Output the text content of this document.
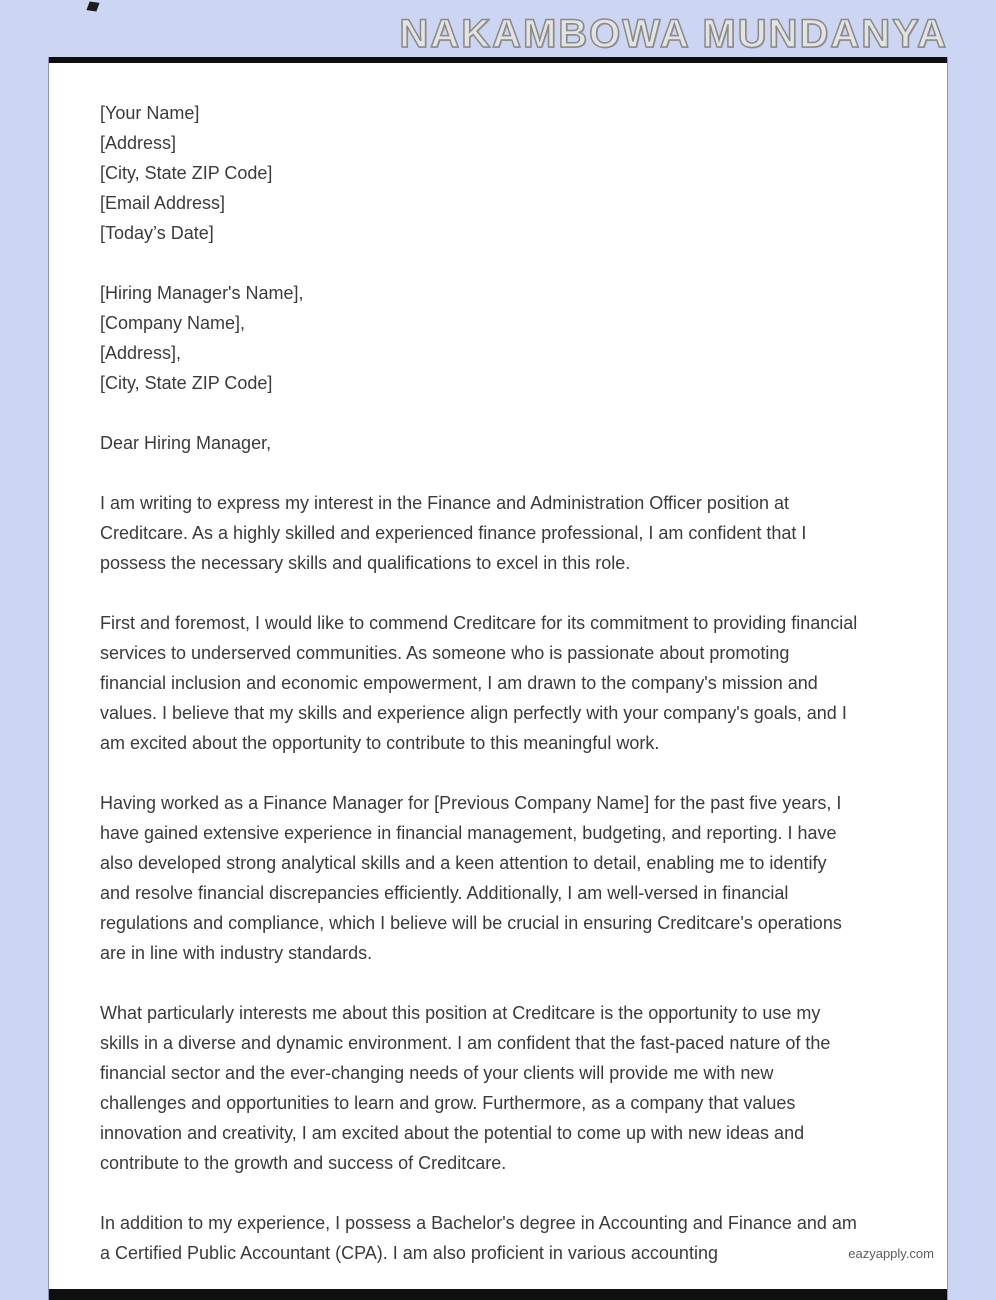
NAKAMBOWA MUNDANYA

[Your Name]

[Address]

[City, State ZIP Code]

[Email Address]

[Today’s Date]

[Hiring Manager's Name],

[Company Name],

[Address],

[City, State ZIP Code]

Dear Hiring Manager,

I am writing to express my interest in the Finance and Administration Officer position at Creditcare. As a highly skilled and experienced finance professional, I am confident that I possess the necessary skills and qualifications to excel in this role.

First and foremost, I would like to commend Creditcare for its commitment to providing financial services to underserved communities. As someone who is passionate about promoting financial inclusion and economic empowerment, I am drawn to the company's mission and values. I believe that my skills and experience align perfectly with your company's goals, and I am excited about the opportunity to contribute to this meaningful work.

Having worked as a Finance Manager for [Previous Company Name] for the past five years, I have gained extensive experience in financial management, budgeting, and reporting. I have also developed strong analytical skills and a keen attention to detail, enabling me to identify and resolve financial discrepancies efficiently. Additionally, I am well-versed in financial regulations and compliance, which I believe will be crucial in ensuring Creditcare's operations are in line with industry standards.

What particularly interests me about this position at Creditcare is the opportunity to use my skills in a diverse and dynamic environment. I am confident that the fast-paced nature of the financial sector and the ever-changing needs of your clients will provide me with new challenges and opportunities to learn and grow. Furthermore, as a company that values innovation and creativity, I am excited about the potential to come up with new ideas and contribute to the growth and success of Creditcare.

In addition to my experience, I possess a Bachelor's degree in Accounting and Finance and am a Certified Public Accountant (CPA). I am also proficient in various accounting	eazyapply.com
